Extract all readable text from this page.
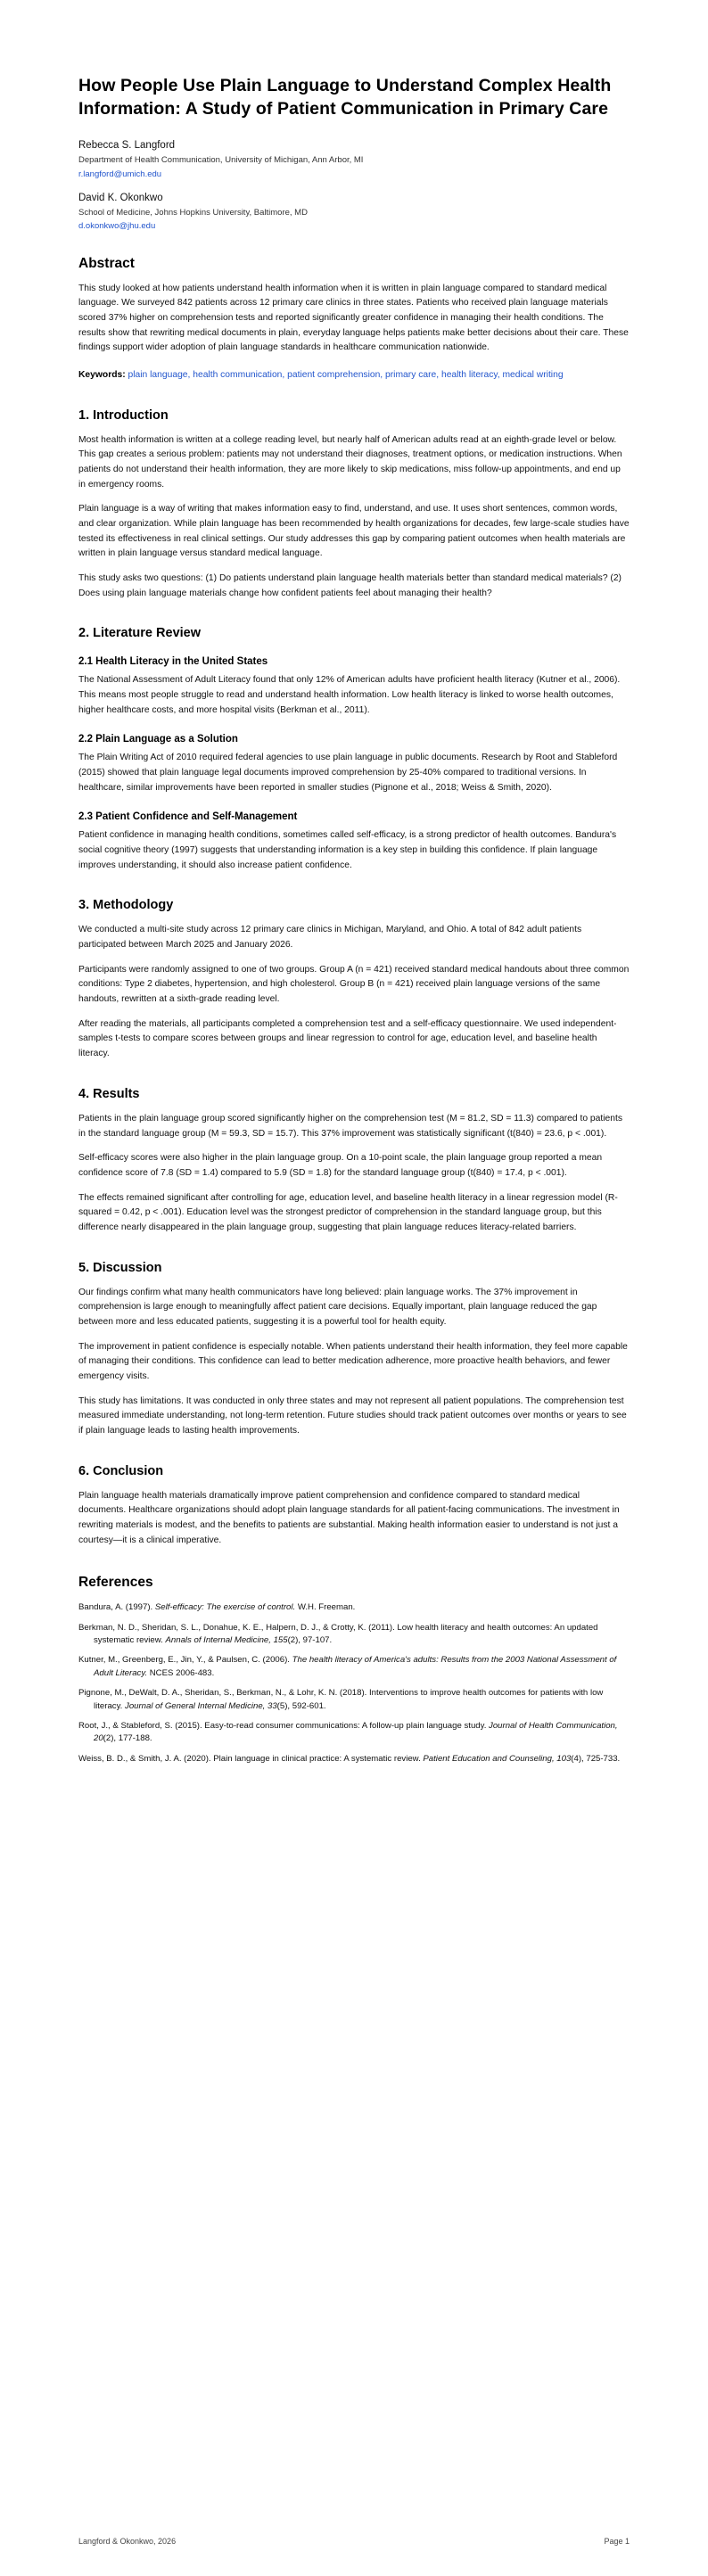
How People Use Plain Language to Understand Complex Health Information: A Study of Patient Communication in Primary Care
Rebecca S. Langford
Department of Health Communication, University of Michigan, Ann Arbor, MI
r.langford@umich.edu
David K. Okonkwo
School of Medicine, Johns Hopkins University, Baltimore, MD
d.okonkwo@jhu.edu
Abstract

This study looked at how patients understand health information when it is written in plain language compared to standard medical language. We surveyed 842 patients across 12 primary care clinics in three states. Patients who received plain language materials scored 37% higher on comprehension tests and reported significantly greater confidence in managing their health conditions. The results show that rewriting medical documents in plain, everyday language helps patients make better decisions about their care. These findings support wider adoption of plain language standards in healthcare communication nationwide.

Keywords: plain language, health communication, patient comprehension, primary care, health literacy, medical writing

1. Introduction

Most health information is written at a college reading level, but nearly half of American adults read at an eighth-grade level or below. This gap creates a serious problem: patients may not understand their diagnoses, treatment options, or medication instructions. When patients do not understand their health information, they are more likely to skip medications, miss follow-up appointments, and end up in emergency rooms.

Plain language is a way of writing that makes information easy to find, understand, and use. It uses short sentences, common words, and clear organization. While plain language has been recommended by health organizations for decades, few large-scale studies have tested its effectiveness in real clinical settings. Our study addresses this gap by comparing patient outcomes when health materials are written in plain language versus standard medical language.

This study asks two questions: (1) Do patients understand plain language health materials better than standard medical materials? (2) Does using plain language materials change how confident patients feel about managing their health?

2. Literature Review
2.1 Health Literacy in the United States

The National Assessment of Adult Literacy found that only 12% of American adults have proficient health literacy (Kutner et al., 2006). This means most people struggle to read and understand health information. Low health literacy is linked to worse health outcomes, higher healthcare costs, and more hospital visits (Berkman et al., 2011).

2.2 Plain Language as a Solution

The Plain Writing Act of 2010 required federal agencies to use plain language in public documents. Research by Root and Stableford (2015) showed that plain language legal documents improved comprehension by 25-40% compared to traditional versions. In healthcare, similar improvements have been reported in smaller studies (Pignone et al., 2018; Weiss & Smith, 2020).

2.3 Patient Confidence and Self-Management

Patient confidence in managing health conditions, sometimes called self-efficacy, is a strong predictor of health outcomes. Bandura's social cognitive theory (1997) suggests that understanding information is a key step in building this confidence. If plain language improves understanding, it should also increase patient confidence.

3. Methodology

We conducted a multi-site study across 12 primary care clinics in Michigan, Maryland, and Ohio. A total of 842 adult patients participated between March 2025 and January 2026.

Participants were randomly assigned to one of two groups. Group A (n = 421) received standard medical handouts about three common conditions: Type 2 diabetes, hypertension, and high cholesterol. Group B (n = 421) received plain language versions of the same handouts, rewritten at a sixth-grade reading level.

After reading the materials, all participants completed a comprehension test and a self-efficacy questionnaire. We used independent-samples t-tests to compare scores between groups and linear regression to control for age, education level, and baseline health literacy.

4. Results

Patients in the plain language group scored significantly higher on the comprehension test (M = 81.2, SD = 11.3) compared to patients in the standard language group (M = 59.3, SD = 15.7). This 37% improvement was statistically significant (t(840) = 23.6, p < .001).

Self-efficacy scores were also higher in the plain language group. On a 10-point scale, the plain language group reported a mean confidence score of 7.8 (SD = 1.4) compared to 5.9 (SD = 1.8) for the standard language group (t(840) = 17.4, p < .001).

The effects remained significant after controlling for age, education level, and baseline health literacy in a linear regression model (R-squared = 0.42, p < .001). Education level was the strongest predictor of comprehension in the standard language group, but this difference nearly disappeared in the plain language group, suggesting that plain language reduces literacy-related barriers.

5. Discussion

Our findings confirm what many health communicators have long believed: plain language works. The 37% improvement in comprehension is large enough to meaningfully affect patient care decisions. Equally important, plain language reduced the gap between more and less educated patients, suggesting it is a powerful tool for health equity.

The improvement in patient confidence is especially notable. When patients understand their health information, they feel more capable of managing their conditions. This confidence can lead to better medication adherence, more proactive health behaviors, and fewer emergency visits.

This study has limitations. It was conducted in only three states and may not represent all patient populations. The comprehension test measured immediate understanding, not long-term retention. Future studies should track patient outcomes over months or years to see if plain language leads to lasting health improvements.

6. Conclusion

Plain language health materials dramatically improve patient comprehension and confidence compared to standard medical documents. Healthcare organizations should adopt plain language standards for all patient-facing communications. The investment in rewriting materials is modest, and the benefits to patients are substantial. Making health information easier to understand is not just a courtesy—it is a clinical imperative.

References

Bandura, A. (1997). Self-efficacy: The exercise of control. W.H. Freeman.

Berkman, N. D., Sheridan, S. L., Donahue, K. E., Halpern, D. J., & Crotty, K. (2011). Low health literacy and health outcomes: An updated systematic review. Annals of Internal Medicine, 155(2), 97-107.

Kutner, M., Greenberg, E., Jin, Y., & Paulsen, C. (2006). The health literacy of America's adults: Results from the 2003 National Assessment of Adult Literacy. NCES 2006-483.

Pignone, M., DeWalt, D. A., Sheridan, S., Berkman, N., & Lohr, K. N. (2018). Interventions to improve health outcomes for patients with low literacy. Journal of General Internal Medicine, 33(5), 592-601.

Root, J., & Stableford, S. (2015). Easy-to-read consumer communications: A follow-up plain language study. Journal of Health Communication, 20(2), 177-188.

Weiss, B. D., & Smith, J. A. (2020). Plain language in clinical practice: A systematic review. Patient Education and Counseling, 103(4), 725-733.

Langford & Okonkwo, 2026	Page 1
